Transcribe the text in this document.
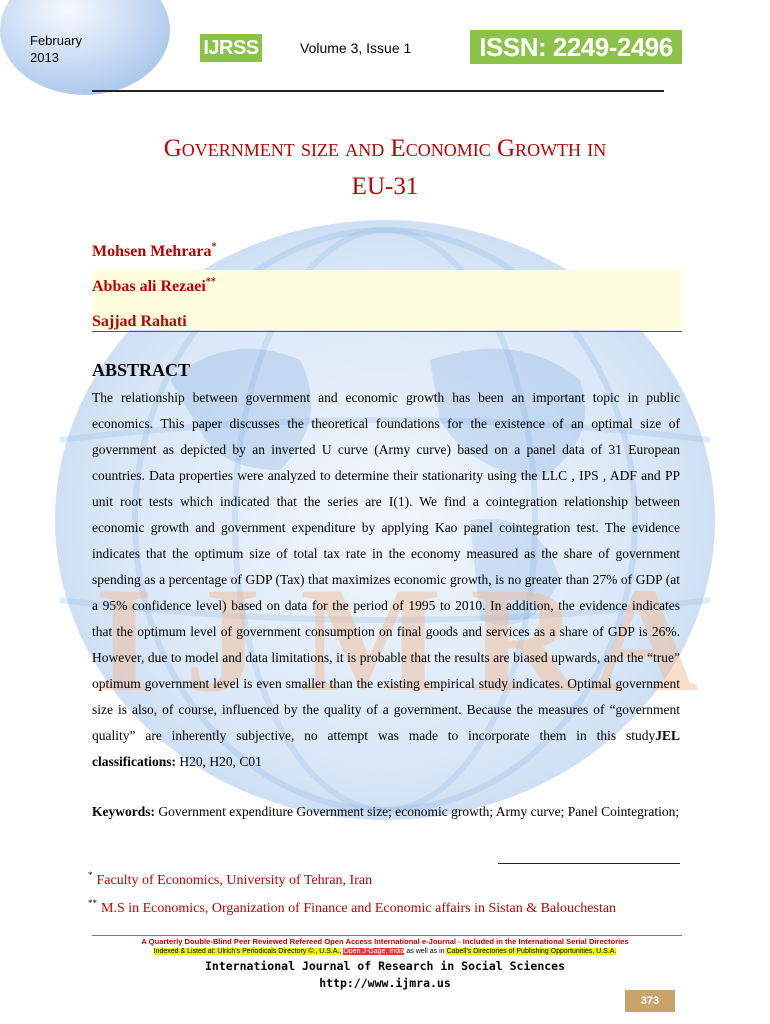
I J M R A
February
2013	IJRSS	Volume 3, Issue 1	ISSN: 2249-2496
Government size and Economic Growth in
EU-31
Mohsen Mehrara*
Abbas ali Rezaei**
Sajjad Rahati
ABSTRACT
The relationship between government and economic growth has been an important topic in public economics. This paper discusses the theoretical foundations for the existence of an optimal size of government as depicted by an inverted U curve (Army curve) based on a panel data of 31 European countries. Data properties were analyzed to determine their stationarity using the LLC , IPS , ADF and PP unit root tests which indicated that the series are I(1). We find a cointegration relationship between economic growth and government expenditure by applying Kao panel cointegration test. The evidence indicates that the optimum size of total tax rate in the economy measured as the share of government spending as a percentage of GDP (Tax) that maximizes economic growth, is no greater than 27% of GDP (at a 95% confidence level) based on data for the period of 1995 to 2010. In addition, the evidence indicates that the optimum level of government consumption on final goods and services as a share of GDP is 26%. However, due to model and data limitations, it is probable that the results are biased upwards, and the “true” optimum government level is even smaller than the existing empirical study indicates. Optimal government size is also, of course, influenced by the quality of a government. Because the measures of “government quality” are inherently subjective, no attempt was made to incorporate them in this studyJEL classifications: H20, H20, C01
Keywords: Government expenditure Government size; economic growth; Army curve; Panel Cointegration;
* Faculty of Economics, University of Tehran, Iran
** M.S in Economics, Organization of Finance and Economic affairs in Sistan & Balouchestan
A Quarterly Double-Blind Peer Reviewed Refereed Open Access International e-Journal - Included in the International Serial Directories
Indexed & Listed at: Ulrich's Periodicals Directory ©., U.S.A., Open J-Gage, India as well as in Cabell’s Directories of Publishing Opportunities, U.S.A.
International Journal of Research in Social Sciences
http://www.ijmra.us
373
